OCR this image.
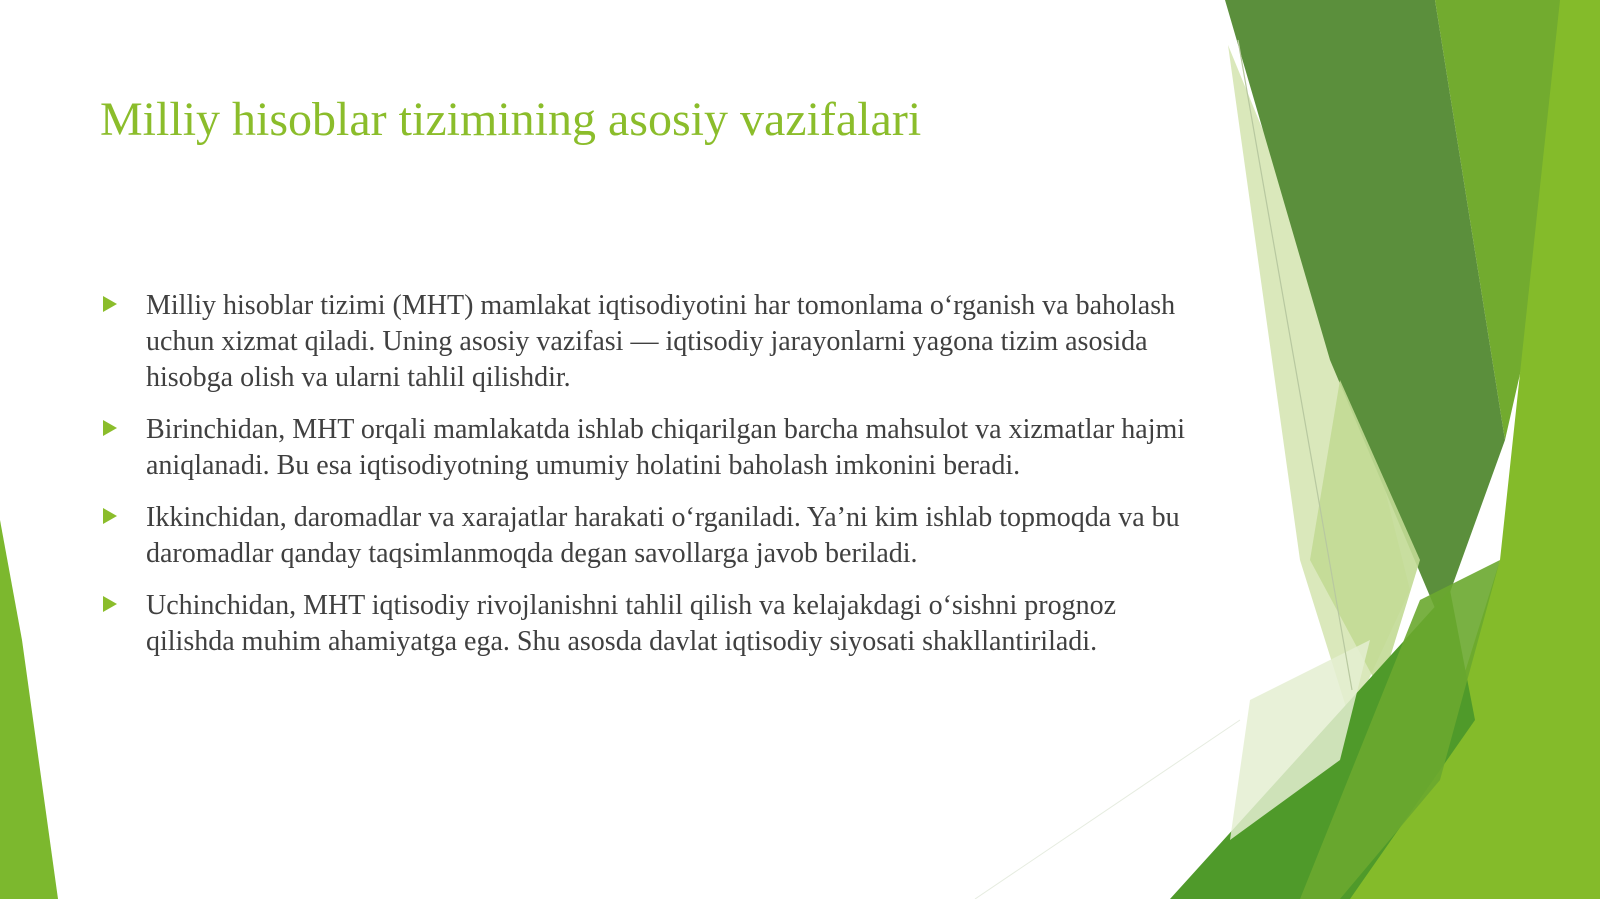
Milliy hisoblar tizimining asosiy vazifalari
Milliy hisoblar tizimi (MHT) mamlakat iqtisodiyotini har tomonlama o‘rganish va baholash uchun xizmat qiladi. Uning asosiy vazifasi — iqtisodiy jarayonlarni yagona tizim asosida hisobga olish va ularni tahlil qilishdir.
Birinchidan, MHT orqali mamlakatda ishlab chiqarilgan barcha mahsulot va xizmatlar hajmi aniqlanadi. Bu esa iqtisodiyotning umumiy holatini baholash imkonini beradi.
Ikkinchidan, daromadlar va xarajatlar harakati o‘rganiladi. Ya’ni kim ishlab topmoqda va bu daromadlar qanday taqsimlanmoqda degan savollarga javob beriladi.
Uchinchidan, MHT iqtisodiy rivojlanishni tahlil qilish va kelajakdagi o‘sishni prognoz qilishda muhim ahamiyatga ega. Shu asosda davlat iqtisodiy siyosati shakllantiriladi.
